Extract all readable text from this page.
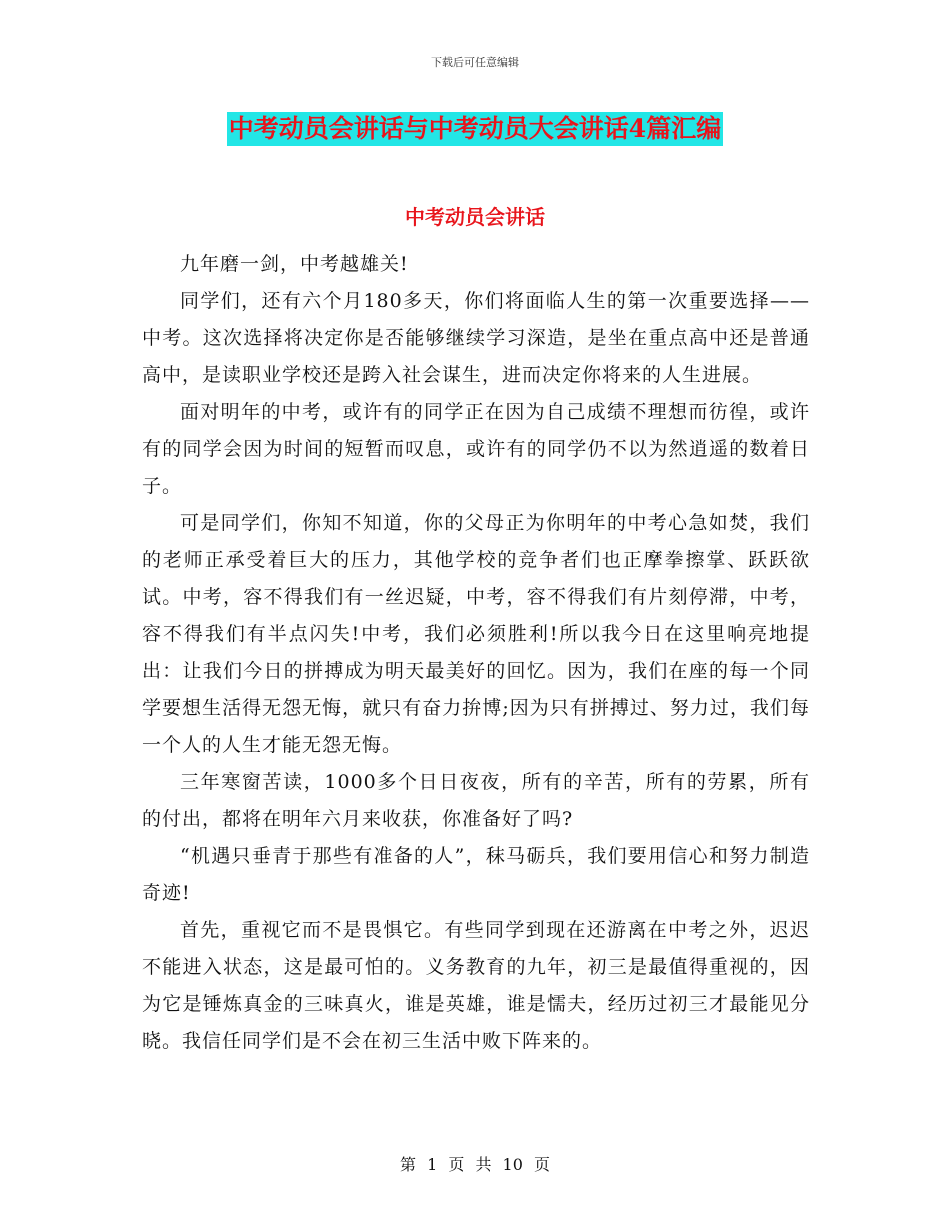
下载后可任意编辑
中考动员会讲话与中考动员大会讲话4篇汇编
中考动员会讲话

九年磨一剑，中考越雄关!

同学们，还有六个月180多天，你们将面临人生的第一次重要选择——中考。这次选择将决定你是否能够继续学习深造，是坐在重点高中还是普通高中，是读职业学校还是跨入社会谋生，进而决定你将来的人生进展。

面对明年的中考，或许有的同学正在因为自己成绩不理想而彷徨，或许有的同学会因为时间的短暂而叹息，或许有的同学仍不以为然逍遥的数着日子。

可是同学们，你知不知道，你的父母正为你明年的中考心急如焚，我们的老师正承受着巨大的压力，其他学校的竞争者们也正摩拳擦掌、跃跃欲试。中考，容不得我们有一丝迟疑，中考，容不得我们有片刻停滞，中考，容不得我们有半点闪失!中考，我们必须胜利!所以我今日在这里响亮地提出：让我们今日的拼搏成为明天最美好的回忆。因为，我们在座的每一个同学要想生活得无怨无悔，就只有奋力拚博;因为只有拼搏过、努力过，我们每一个人的人生才能无怨无悔。

三年寒窗苦读，1000多个日日夜夜，所有的辛苦，所有的劳累，所有的付出，都将在明年六月来收获，你准备好了吗?

“机遇只垂青于那些有准备的人”，秣马砺兵，我们要用信心和努力制造奇迹!

首先，重视它而不是畏惧它。有些同学到现在还游离在中考之外，迟迟不能进入状态，这是最可怕的。义务教育的九年，初三是最值得重视的，因为它是锤炼真金的三味真火，谁是英雄，谁是懦夫，经历过初三才最能见分晓。我信任同学们是不会在初三生活中败下阵来的。

第 1 页 共 10 页
